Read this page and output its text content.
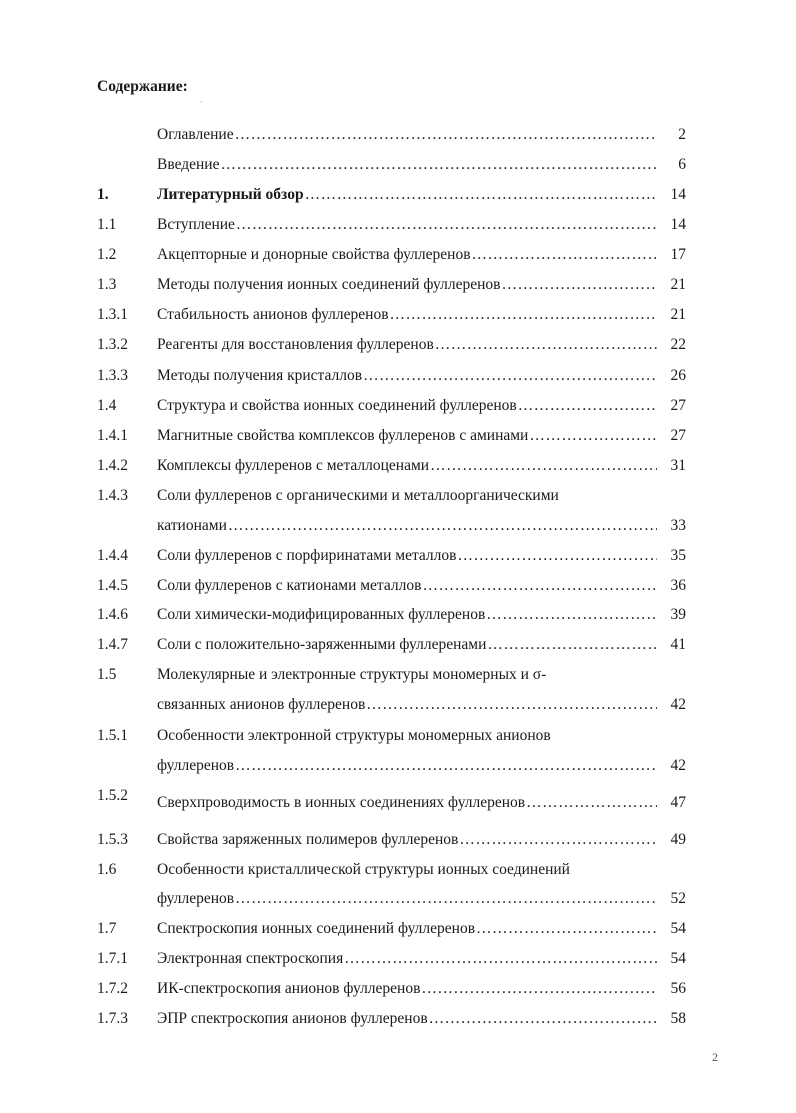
Содержание:
´
Оглавление ………………………………………………………………………………………………………………………………………………	2
Введение ………………………………………………………………………………………………………………………………………………	6
1.	Литературный обзор ………………………………………………………………………………………………………………………………………………	14
1.1	Вступление ………………………………………………………………………………………………………………………………………………	14
1.2	Акцепторные и донорные свойства фуллеренов ………………………………………………………………………………………………………………………………………………	17
1.3	Методы получения ионных соединений фуллеренов ………………………………………………………………………………………………………………………………………………	21
1.3.1 Стабильность анионов фуллеренов ………………………………………………………………………………………………………………………………………………	21
1.3.2 Реагенты для восстановления фуллеренов ………………………………………………………………………………………………………………………………………………	22
1.3.3 Методы получения кристаллов ………………………………………………………………………………………………………………………………………………	26
1.4	Структура и свойства ионных соединений фуллеренов ………………………………………………………………………………………………………………………………………………	27
1.4.1 Магнитные свойства комплексов фуллеренов с аминами ………………………………………………………………………………………………………………………………………………	27
1.4.2 Комплексы фуллеренов с металлоценами ………………………………………………………………………………………………………………………………………………	31
1.4.3 Соли фуллеренов с органическими и металлоорганическими
катионами ………………………………………………………………………………………………………………………………………………	33
1.4.4 Соли фуллеренов с порфиринатами металлов ………………………………………………………………………………………………………………………………………………	35
1.4.5 Соли фуллеренов с катионами металлов ………………………………………………………………………………………………………………………………………………	36
1.4.6 Соли химически-модифицированных фуллеренов ………………………………………………………………………………………………………………………………………………	39
1.4.7 Соли с положительно-заряженными фуллеренами ………………………………………………………………………………………………………………………………………………	41
1.5	Молекулярные и электронные структуры мономерных и σ-
связанных анионов фуллеренов ………………………………………………………………………………………………………………………………………………	42
1.5.1 Особенности электронной структуры мономерных анионов
фуллеренов ………………………………………………………………………………………………………………………………………………	42
1.5.2 Сверхпроводимость в ионных соединениях фуллеренов ………………………………………………………………………………………………………………………………………………	47
1.5.3 Свойства заряженных полимеров фуллеренов ………………………………………………………………………………………………………………………………………………	49
1.6	Особенности кристаллической структуры ионных соединений
фуллеренов ………………………………………………………………………………………………………………………………………………	52
1.7	Спектроскопия ионных соединений фуллеренов ………………………………………………………………………………………………………………………………………………	54
1.7.1 Электронная спектроскопия ………………………………………………………………………………………………………………………………………………	54
1.7.2 ИК-спектроскопия анионов фуллеренов ………………………………………………………………………………………………………………………………………………	56
1.7.3 ЭПР спектроскопия анионов фуллеренов ………………………………………………………………………………………………………………………………………………	58
2
